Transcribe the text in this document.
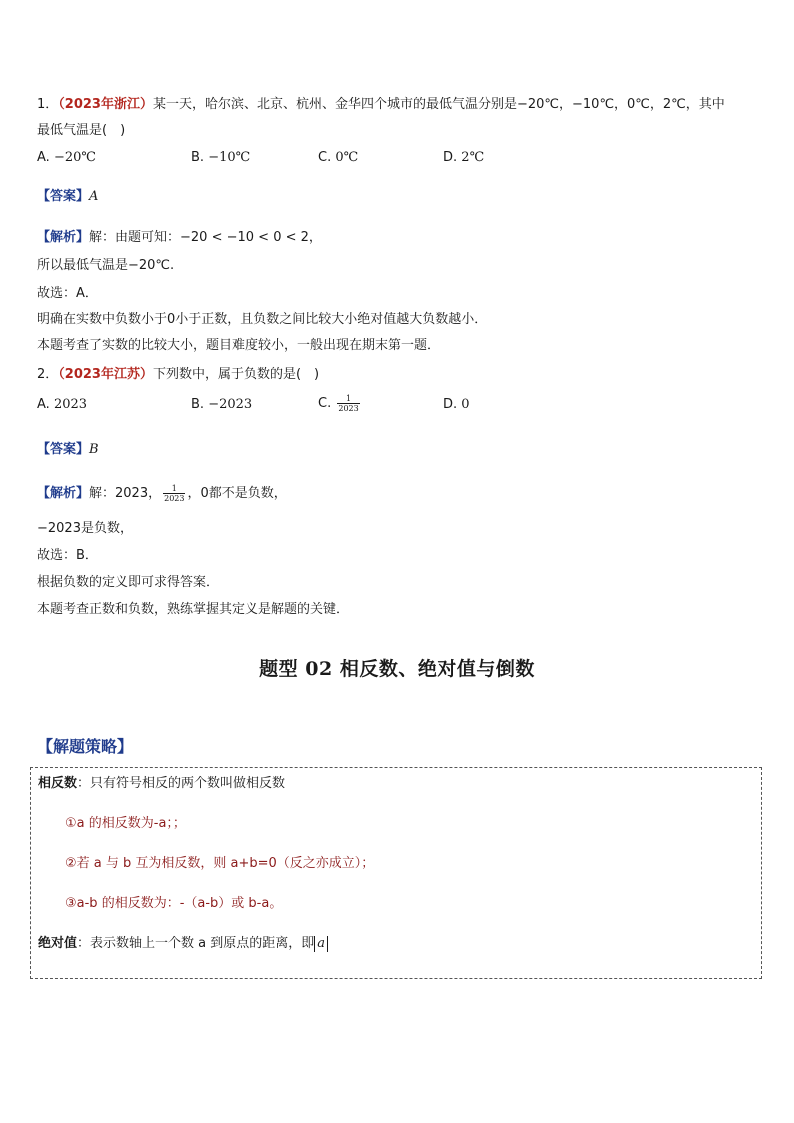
1．（2023年浙江）某一天，哈尔滨、北京、杭州、金华四个城市的最低气温分别是−20℃，−10℃，0℃，2℃，其中
最低气温是(　)
A. −20℃	B. −10℃	C. 0℃	D. 2℃
【答案】A
【解析】解：由题可知：−20 < −10 < 0 < 2，
所以最低气温是−20℃.
故选：A．
明确在实数中负数小于0小于正数，且负数之间比较大小绝对值越大负数越小．
本题考查了实数的比较大小，题目难度较小，一般出现在期末第一题．
2．（2023年江苏）下列数中，属于负数的是(　)
A. 2023	B. −2023	C. $\frac{1}{2023}$	D. 0
【答案】B
【解析】解：2023， $\frac{1}{2023}$ ，0都不是负数，
−2023是负数，
故选：B．
根据负数的定义即可求得答案．
本题考查正数和负数，熟练掌握其定义是解题的关键．
题型 02 相反数、绝对值与倒数
【解题策略】
相反数：只有符号相反的两个数叫做相反数
①a 的相反数为-a；；
②若 a 与 b 互为相反数，则 a+b=0（反之亦成立）；
③a-b 的相反数为：-（a-b）或 b-a。
绝对值：表示数轴上一个数 a 到原点的距离，即 a
